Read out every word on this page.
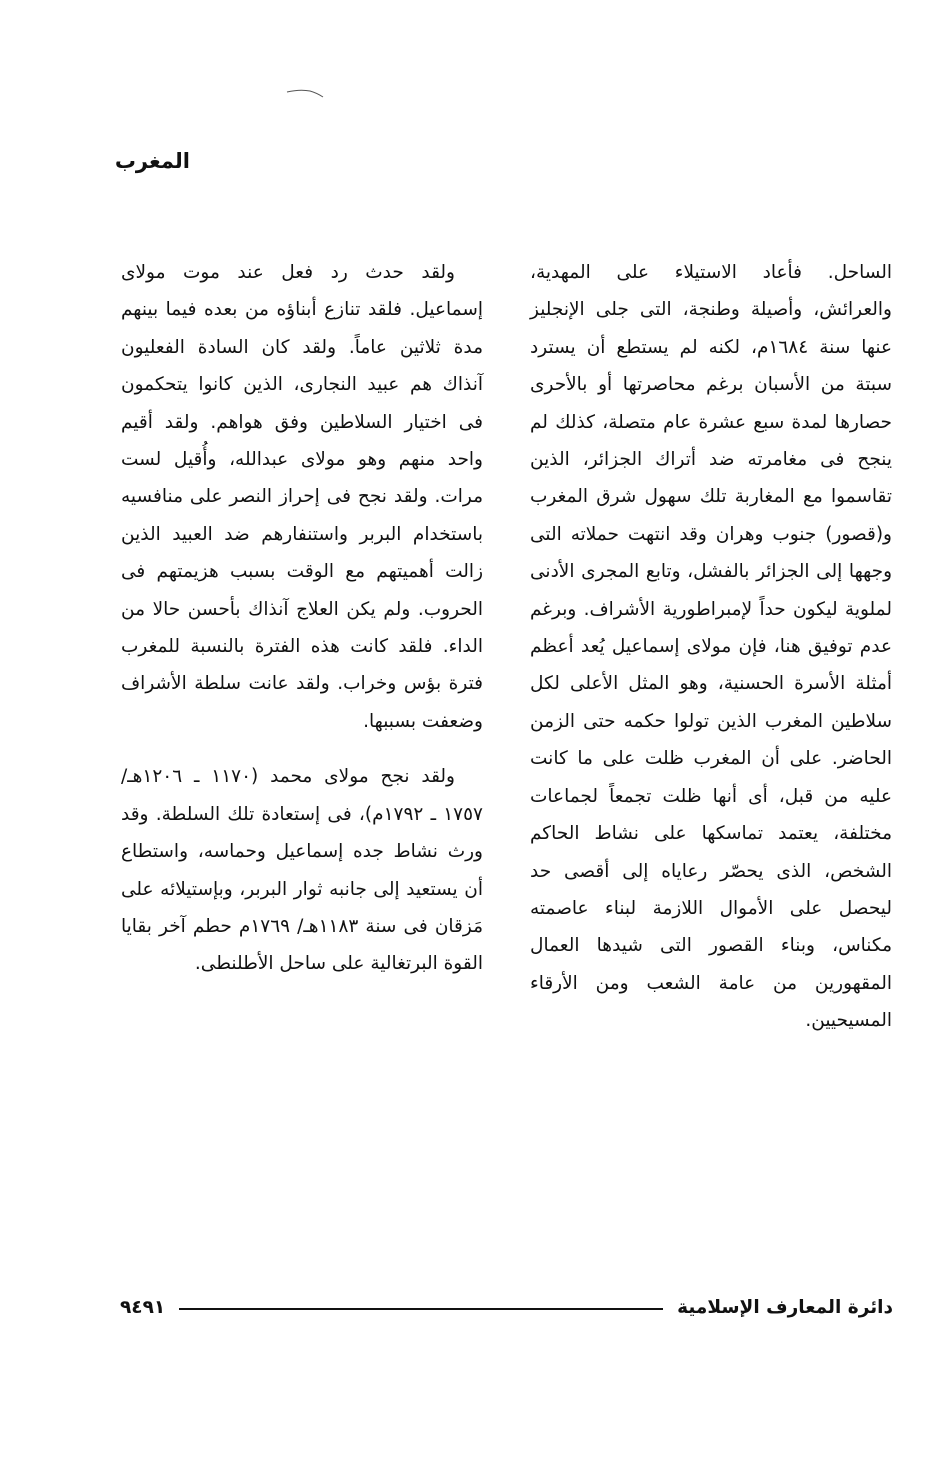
المغرب

الساحل. فأعاد الاستيلاء على المهدية، والعرائش، وأصيلة وطنجة، التى جلى الإنجليز عنها سنة ١٦٨٤م، لكنه لم يستطع أن يسترد سبتة من الأسبان برغم محاصرتها أو بالأحرى حصارها لمدة سبع عشرة عام متصلة، كذلك لم ينجح فى مغامرته ضد أتراك الجزائر، الذين تقاسموا مع المغاربة تلك سهول شرق المغرب و(قصور) جنوب وهران وقد انتهت حملاته التى وجهها إلى الجزائر بالفشل، وتابع المجرى الأدنى لملوية ليكون حداً لإمبراطورية الأشراف. وبرغم عدم توفيق هنا، فإن مولاى إسماعيل يُعد أعظم أمثلة الأسرة الحسنية، وهو المثل الأعلى لكل سلاطين المغرب الذين تولوا حكمه حتى الزمن الحاضر. على أن المغرب ظلت على ما كانت عليه من قبل، أى أنها ظلت تجمعاً لجماعات مختلفة، يعتمد تماسكها على نشاط الحاكم الشخص، الذى يحصّر رعاياه إلى أقصى حد ليحصل على الأموال اللازمة لبناء عاصمته مكناس، وبناء القصور التى شيدها العمال المقهورين من عامة الشعب ومن الأرقاء المسيحيين.

ولقد حدث رد فعل عند موت مولاى إسماعيل. فلقد تنازع أبناؤه من بعده فيما بينهم مدة ثلاثين عاماً. ولقد كان السادة الفعليون آنذاك هم عبيد النجارى، الذين كانوا يتحكمون فى اختيار السلاطين وفق هواهم. ولقد أقيم واحد منهم وهو مولاى عبدالله، وأُقيل لست مرات. ولقد نجح فى إحراز النصر على منافسيه باستخدام البربر واستنفارهم ضد العبيد الذين زالت أهميتهم مع الوقت بسبب هزيمتهم فى الحروب. ولم يكن العلاج آنذاك بأحسن حالا من الداء. فلقد كانت هذه الفترة بالنسبة للمغرب فترة بؤس وخراب. ولقد عانت سلطة الأشراف وضعفت بسببها.

ولقد نجح مولاى محمد (١١٧٠ ـ ١٢٠٦هـ/ ١٧٥٧ ـ ١٧٩٢م)، فى إستعادة تلك السلطة. وقد ورث نشاط جده إسماعيل وحماسه، واستطاع أن يستعيد إلى جانبه ثوار البربر، وبإستيلائه على مَزقان فى سنة ١١٨٣هـ/ ١٧٦٩م حطم آخر بقايا القوة البرتغالية على ساحل الأطلنطى.

دائرة المعارف الإسلامية
٩٤٩١
